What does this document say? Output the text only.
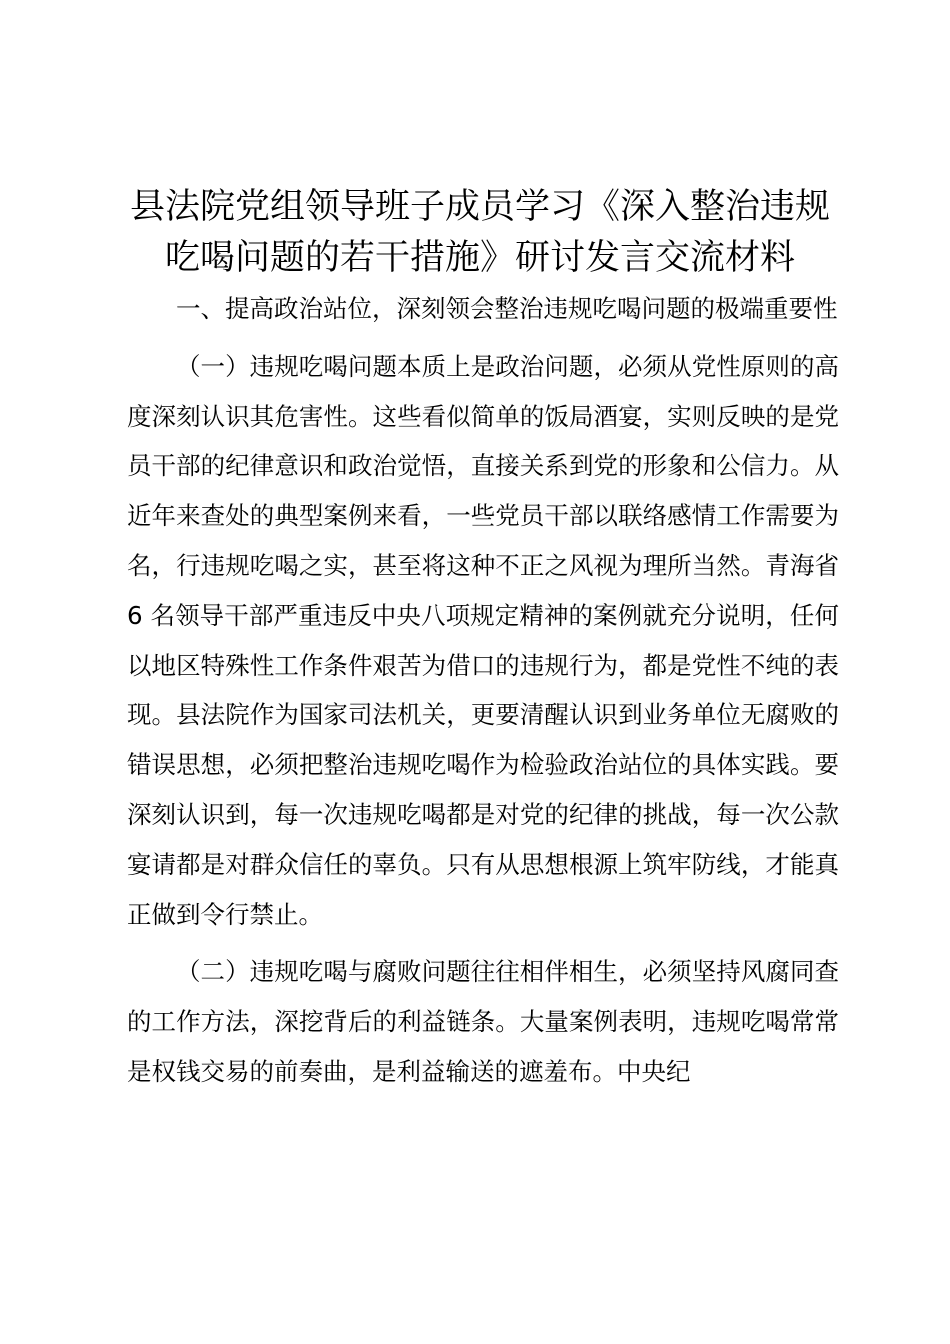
县法院党组领导班子成员学习《深入整治违规
吃喝问题的若干措施》研讨发言交流材料

一、提高政治站位，深刻领会整治违规吃喝问题的极端重要性

（一）违规吃喝问题本质上是政治问题，必须从党性原则的高度深刻认识其危害性。这些看似简单的饭局酒宴，实则反映的是党员干部的纪律意识和政治觉悟，直接关系到党的形象和公信力。从近年来查处的典型案例来看，一些党员干部以联络感情工作需要为名，行违规吃喝之实，甚至将这种不正之风视为理所当然。青海省 6 名领导干部严重违反中央八项规定精神的案例就充分说明，任何以地区特殊性工作条件艰苦为借口的违规行为，都是党性不纯的表现。县法院作为国家司法机关，更要清醒认识到业务单位无腐败的错误思想，必须把整治违规吃喝作为检验政治站位的具体实践。要深刻认识到，每一次违规吃喝都是对党的纪律的挑战，每一次公款宴请都是对群众信任的辜负。只有从思想根源上筑牢防线，才能真正做到令行禁止。

（二）违规吃喝与腐败问题往往相伴相生，必须坚持风腐同查的工作方法，深挖背后的利益链条。大量案例表明，违规吃喝常常是权钱交易的前奏曲，是利益输送的遮羞布。中央纪
